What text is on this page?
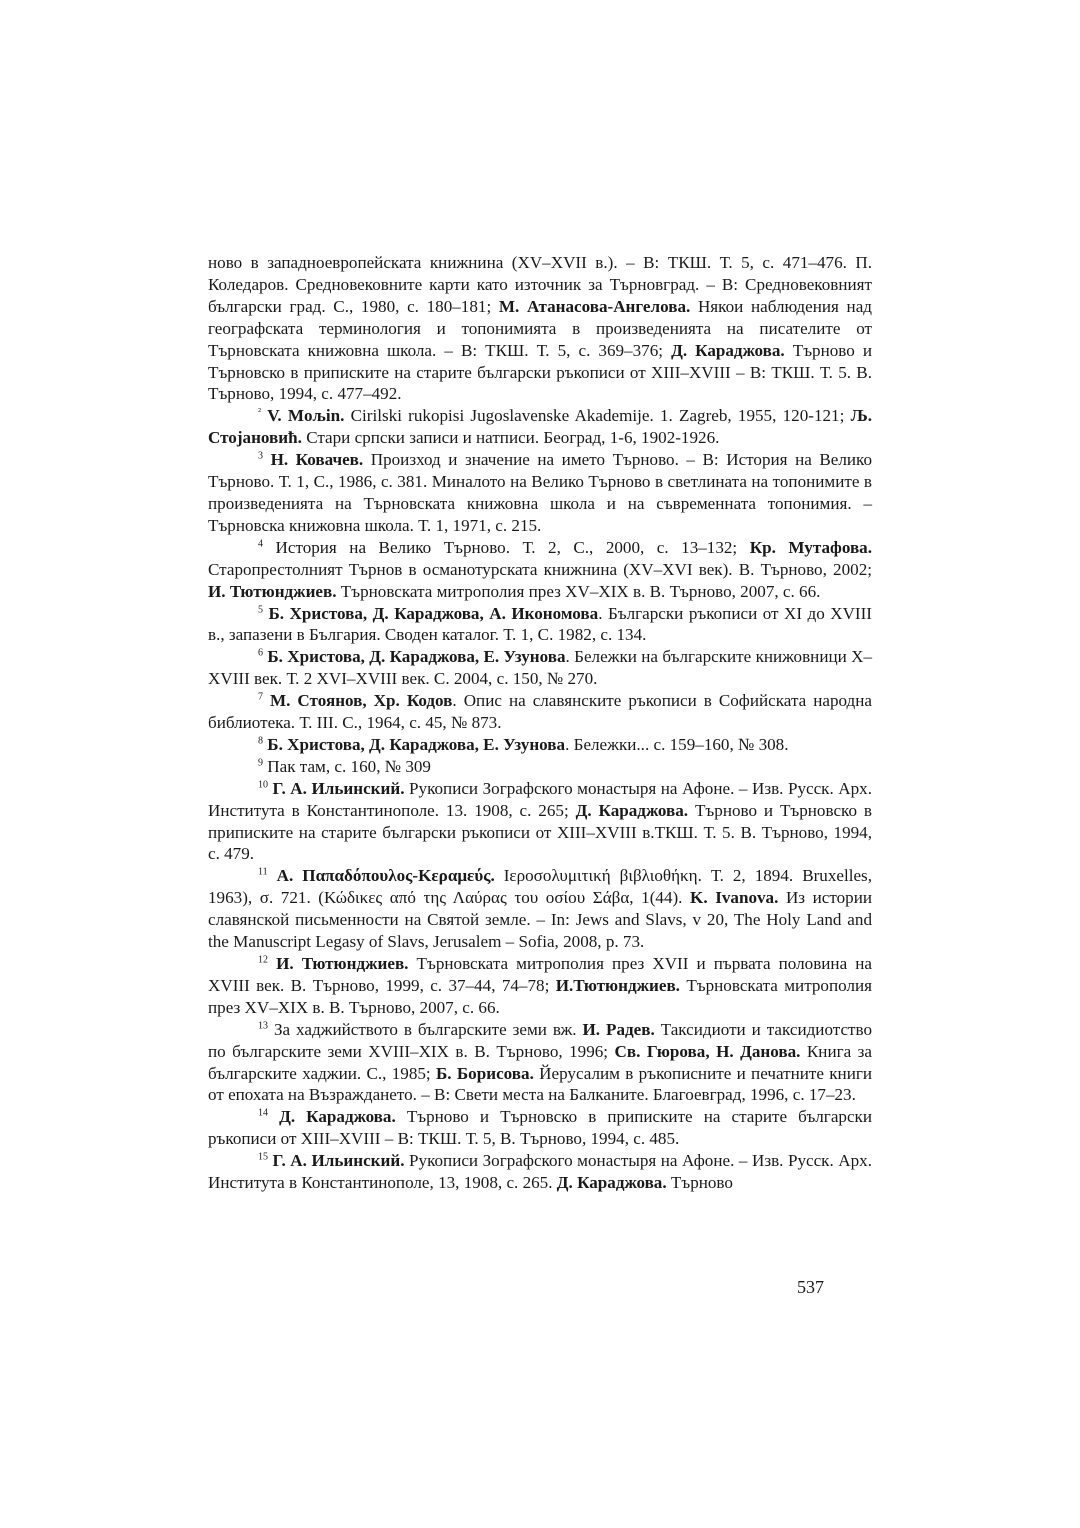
ново в западноевропейската книжнина (XV–XVII в.). – В: ТКШ. Т. 5, с. 471–476. П. Коледаров. Средновековните карти като източник за Търновград. – В: Средновековният български град. С., 1980, с. 180–181; М. Атанасова-Ангелова. Някои наблюдения над географската терминология и топонимията в произведенията на писателите от Търновската книжовна школа. – В: ТКШ. Т. 5, с. 369–376; Д. Караджова. Търново и Търновско в приписките на старите български ръкописи от XIII–XVIII – В: ТКШ. Т. 5. В. Търново, 1994, с. 477–492.

$^{^2}$ V. Moљin. Cirilski rukopisi Jugoslavenske Akademije. 1. Zagreb, 1955, 120-121; Љ. Стојановић. Стари српски записи и натписи. Београд, 1-6, 1902-1926.

$^3$ Н. Ковачев. Произход и значение на името Търново. – В: История на Велико Търново. Т. 1, С., 1986, с. 381. Миналото на Велико Търново в светлината на топонимите в произведенията на Търновската книжовна школа и на съвременната топонимия. – Търновска книжовна школа. Т. 1, 1971, с. 215.

$^4$ История на Велико Търново. Т. 2, С., 2000, с. 13–132; Кр. Мутафова. Старопрестолният Търнов в османотурската книжнина (XV–XVI век). В. Търново, 2002; И. Тютюнджиев. Търновската митрополия през XV–XIX в. В. Търново, 2007, с. 66.

$^5$ Б. Христова, Д. Караджова, А. Икономова. Български ръкописи от XI до XVIII в., запазени в България. Своден каталог. Т. 1, С. 1982, с. 134.

$^6$ Б. Христова, Д. Караджова, Е. Узунова. Бележки на българските книжовници X–XVIII век. Т. 2 XVI–XVIII век. С. 2004, с. 150, № 270.

$^7$ М. Стоянов, Хр. Кодов. Опис на славянските ръкописи в Софийската народна библиотека. Т. III. С., 1964, с. 45, № 873.

$^8$ Б. Христова, Д. Караджова, Е. Узунова. Бележки... с. 159–160, № 308.

$^9$ Пак там, с. 160, № 309

$^{10}$ Г. А. Ильинский. Рукописи Зографского монастыря на Афоне. – Изв. Русск. Арх. Института в Константинополе. 13. 1908, с. 265; Д. Караджова. Търново и Търновско в приписките на старите български ръкописи от XIII–XVIII в.ТКШ. Т. 5. В. Търново, 1994, с. 479.

$^{11}$ А. Παπαδόπουλος-Κεραμεύς. Ιεροσολυμιτική βιβλιοθήκη. Т. 2, 1894. Bruxelles, 1963), σ. 721. (Κώδικες από της Λαύρας του οσίου Σάβα, 1(44). K. Ivanova. Из истории славянской письменности на Святой земле. – In: Jews and Slavs, v 20, The Holy Land and the Manuscript Legasy of Slavs, Jerusalem – Sofia, 2008, p. 73.

$^{12}$ И. Тютюнджиев. Търновската митрополия през XVII и първата половина на XVIII век. В. Търново, 1999, с. 37–44, 74–78; И.Тютюнджиев. Търновската митрополия през XV–XIX в. В. Търново, 2007, с. 66.

$^{13}$ За хаджийството в българските земи вж. И. Радев. Таксидиоти и таксидиотство по българските земи XVIII–XIX в. В. Търново, 1996; Св. Гюрова, Н. Данова. Книга за българските хаджии. С., 1985; Б. Борисова. Йерусалим в ръкописните и печатните книги от епохата на Възраждането. – В: Свети места на Балканите. Благоевград, 1996, с. 17–23.

$^{14}$ Д. Караджова. Търново и Търновско в приписките на старите български ръкописи от XIII–XVIII – В: ТКШ. Т. 5, В. Търново, 1994, с. 485.

$^{15}$ Г. А. Ильинский. Рукописи Зографского монастыря на Афоне. – Изв. Русск. Арх. Института в Константинополе, 13, 1908, с. 265. Д. Караджова. Търново

537
